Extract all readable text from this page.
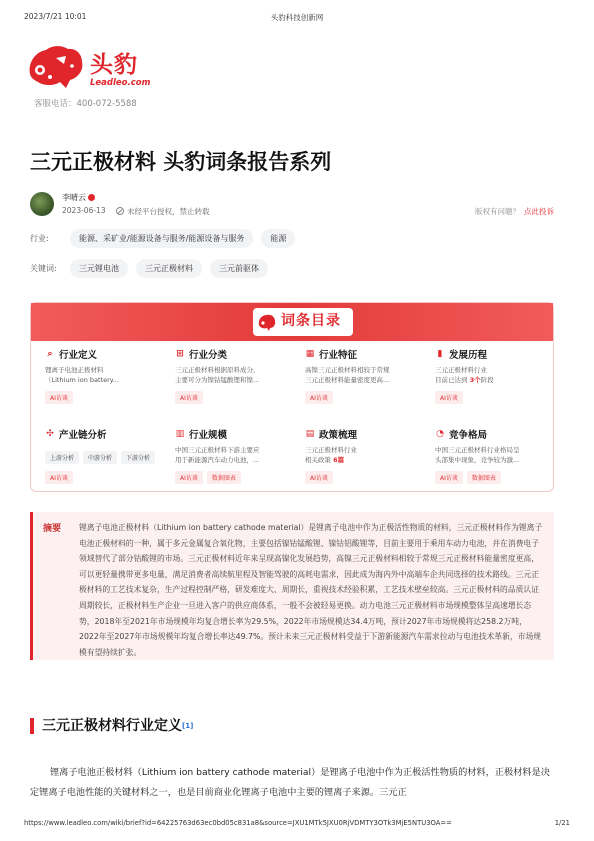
2023/7/21 10:01	头豹科技创新网
头豹
Leadleo.com
客服电话：400-072-5588
三元正极材料 头豹词条报告系列
李晴云
2023-06-13	未经平台授权，禁止转载	版权有问题？ 点此投诉
行业:	能源、采矿业/能源设备与服务/能源设备与服务	能源
关键词:	三元锂电池	三元正极材料	三元前驱体
词条目录
⌕ 行业定义
锂离子电池正极材料
（Lithium ion battery...
AI访谈
⊞ 行业分类
三元正极材料根据原料成分，
主要可分为镍钴锰酸锂和镍...
AI访谈
▦ 行业特征
高镍三元正极材料相较于常规
三元正极材料能量密度更高...
AI访谈
▮ 发展历程
三元正极材料行业
目前已达到 3个阶段
AI访谈
✣ 产业链分析
上游分析 中游分析 下游分析
AI访谈
▥ 行业规模
中国三元正极材料下游主要应
用于新能源汽车动力电池，...
AI访谈 数据图表
▤ 政策梳理
三元正极材料行业
相关政策 6篇
AI访谈
◔ 竞争格局
中国三元正极材料行业格局呈
头部集中现象，竞争较为激...
AI访谈 数据图表
摘要 锂离子电池正极材料（Lithium ion battery cathode material）是锂离子电池中作为正极活性物质的材料，三元正极材料作为锂离子电池正极材料的一种，属于多元金属复合氧化物，主要包括镍钴锰酸锂、镍钴铝酸锂等，目前主要用于乘用车动力电池，并在消费电子领域替代了部分钴酸锂的市场。三元正极材料近年来呈现高镍化发展趋势，高镍三元正极材料相较于常规三元正极材料能量密度更高，可以更轻量携带更多电量，满足消费者高续航里程及智能驾驶的高耗电需求，因此成为海内外中高端车企共同选择的技术路线。三元正极材料的工艺技术复杂，生产过程控制严格，研发难度大、周期长，重视技术经验积累，工艺技术壁垒较高。三元正极材料的品质认证周期较长，正极材料生产企业一旦进入客户的供应商体系，一般不会被轻易更换。动力电池三元正极材料市场规模整体呈高速增长态势，2018年至2021年市场规模年均复合增长率为29.5%，2022年市场规模达34.4万吨，预计2027年市场规模将达258.2万吨，2022年至2027年市场规模年均复合增长率达49.7%。预计未来三元正极材料受益于下游新能源汽车需求拉动与电池技术革新，市场规模有望持续扩张。

三元正极材料行业定义[1]

锂离子电池正极材料（Lithium ion battery cathode material）是锂离子电池中作为正极活性物质的材料，正极材料是决定锂离子电池性能的关键材料之一，也是目前商业化锂离子电池中主要的锂离子来源。三元正

https://www.leadleo.com/wiki/brief?id=64225763d63ec0bd05c831a8&source=JXU1MTk5JXU0RjVDMTY3OTk3MjE5NTU3OA==	1/21
